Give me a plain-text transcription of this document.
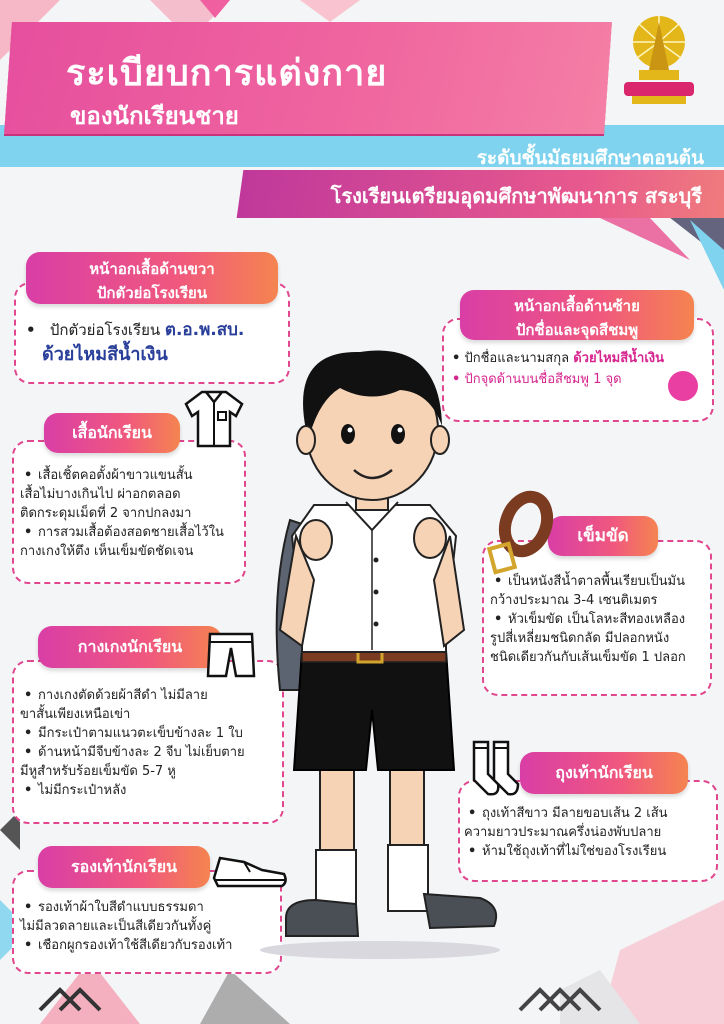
ระเบียบการแต่งกาย
ของนักเรียนชาย
ระดับชั้นมัธยมศึกษาตอนต้น
โรงเรียนเตรียมอุดมศึกษาพัฒนาการ สระบุรี
หน้าอกเสื้อด้านขวา
ปักตัวย่อโรงเรียน
• ปักตัวย่อโรงเรียน ต.อ.พ.สบ.
ด้วยไหมสีน้ำเงิน
หน้าอกเสื้อด้านซ้าย
ปักชื่อและจุดสีชมพู
• ปักชื่อและนามสกุล ด้วยไหมสีน้ำเงิน
• ปักจุดด้านบนชื่อสีชมพู 1 จุด
เสื้อนักเรียน
• เสื้อเชิ้ตคอตั้งผ้าขาวแขนสั้น
เสื้อไม่บางเกินไป ผ่าอกตลอด
ติดกระดุมเม็ดที่ 2 จากปกลงมา
• การสวมเสื้อต้องสอดชายเสื้อไว้ใน
กางเกงให้ตึง เห็นเข็มขัดชัดเจน
เข็มขัด
• เป็นหนังสีน้ำตาลพื้นเรียบเป็นมัน
กว้างประมาณ 3-4 เซนติเมตร
• หัวเข็มขัด เป็นโลหะสีทองเหลือง
รูปสี่เหลี่ยมชนิดกลัด มีปลอกหนัง
ชนิดเดียวกันกับเส้นเข็มขัด 1 ปลอก
กางเกงนักเรียน
• กางเกงตัดด้วยผ้าสีดำ ไม่มีลาย
ขาสั้นเพียงเหนือเข่า
• มีกระเป๋าตามแนวตะเข็บข้างละ 1 ใบ
• ด้านหน้ามีจีบข้างละ 2 จีบ ไม่เย็บตาย
มีหูสำหรับร้อยเข็มขัด 5-7 หู
• ไม่มีกระเป๋าหลัง
ถุงเท้านักเรียน
• ถุงเท้าสีขาว มีลายขอบเส้น 2 เส้น
ความยาวประมาณครึ่งน่องพับปลาย
• ห้ามใช้ถุงเท้าที่ไม่ใช่ของโรงเรียน
รองเท้านักเรียน
• รองเท้าผ้าใบสีดำแบบธรรมดา
ไม่มีลวดลายและเป็นสีเดียวกันทั้งคู่
• เชือกผูกรองเท้าใช้สีเดียวกับรองเท้า
